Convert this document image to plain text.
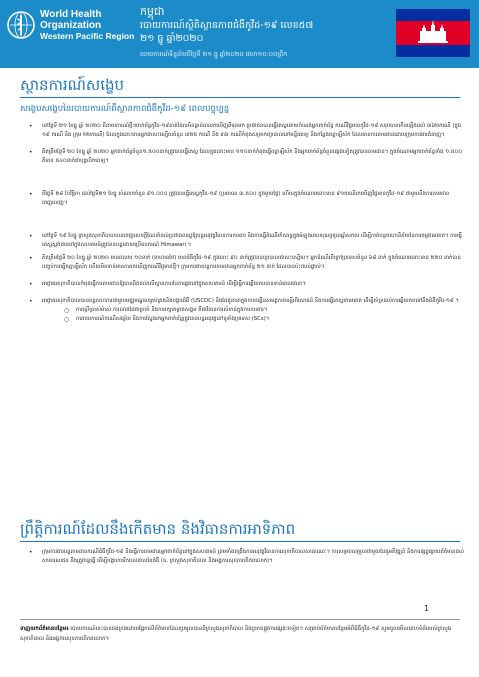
World Health
Organization
Western Pacific Region
កម្ពុជា
របាយការណ៍ស្ថិតិស្ថានភាពជំងឺកូវីដ-១៩ លេខ៥៧
២១ ធ្នូ ឆ្នាំ២០២០
របាយការណ៍ទិន្នន័យពីថ្ងៃទី ២១ ធ្នូ ឆ្នាំ២០២០ វេលា១០:០០ព្រឹក
ស្ថានការណ៍សង្ខេប
សង្ខេបសង្ខេបនៃរបាយការណ៍ពីស្ថានភាពជំងឺកូវីដ-១៩ ពេលបច្ចុប្បន្ន
• នៅថ្ងៃទី ២១ ខែធ្នូ ឆ្នាំ ២០២០ ពីនាយការណ៍ថ្មីៗពាក់ព័ន្ធកូវីដ-១៩គាត់ដែលមិនធ្លាប់បានរកឃើញពីមុនមក ប្រជាជនបានធ្វើតេស្តដោយកំណត់អ្នកពាក់ព័ន្ធ ករណីវិជ្ជមានកូវីដ-១៩ សរុបបានកើនឡើងដល់ ៣៦២ករណី (ក្នុង ១៩ ករណី និង ក្រុម ២២ករណី) ដែលក្នុងនោះមានអ្នកជាសះស្បើយចំនួន ៣២៥ ករណី និង ៣៦ ករណីកំពុងសម្រាកព្យាបាលនៅមន្ទីរពេទ្យ និងកន្លែងចត្តាឡីស័ក ដែលមានការតាមដានដោយក្រុមការងារជំនាញ។
• គិតត្រឹមថ្ងៃទី ២០ ខែធ្នូ ឆ្នាំ ២០២០ អ្នកពាក់ព័ន្ធចំនួន១.៥០០នាក់ត្រូវបានធ្វើតេស្ត ដែលក្នុងនោះមាន ១១០នាក់កំពុងធ្វើចត្តាឡីស័ក និងអ្នកពាក់ព័ន្ធចំនួនផ្សេងទៀតត្រូវបានតាមដាន។ ក្នុងចំណោមអ្នកពាក់ព័ន្ធទាំង ១.៥០០ គឺមាន ៥៤០នាក់ជាបុគ្គលិកពេទ្យ។
• ពីថ្ងៃទី ២៨ ខែវិច្ឆិកា ដល់ថ្ងៃទី២១ ខែធ្នូ សំណាកចំនួន ៩១.០០០ ត្រូវបានធ្វើតេស្តកូវីដ-១៩ (ប្រមាណ ៣.៥០០ ក្នុងមួយថ្ងៃ) ហើយក្នុងចំណោមនោះមាន ៩១ករណីរកឃើញវិជ្ជមានកូវីដ-១៩ ជាមួយនឹងការតាមដានពេញលេញ។
• នៅថ្ងៃទី ១៩ ខែធ្នូ ក្រសួងសុខាភិបាលបានចេញសេចក្តីណែនាំដល់ប្រជាពលរដ្ឋឱ្យបន្តអនុវត្តវិធានការការពារ និងការធ្វើដំណើរកំសាន្តក្នុងអំឡុងពេលបុណ្យចូលឆ្នាំសកល ដើម្បីកាត់បន្ថយហានិភ័យនៃការចម្លងមេរោគ។ ការធ្វើតេស្តស្តង់ដារនៅក្នុងសហគមន៍ត្រូវបានបន្តដោយប្រើឧបករណ៍ Himawari ។
• គិតត្រឹមថ្ងៃទី ២០ ខែធ្នូ ឆ្នាំ ២០២០ មានពលករ ១០នាក់ (ទាហានថៃ) មានជំងឺកូវីដ-១៩ ក្នុងនោះ ៩០ នាក់ត្រូវបានព្យាបាលជាសះស្បើយ។ អ្នកដំណើរពីក្រៅប្រទេសចំនួន ៦៨ នាក់ ក្នុងចំណោមនោះមាន ២២០ នាក់បានបញ្ចប់ការធ្វើចត្តាឡីស័ក ហើយមិនទាន់មានការរកឃើញករណីវិជ្ជមានថ្មី។ ក្រុមការងារបន្តការតាមដានអ្នកពាក់ព័ន្ធ ២១ នាក់ ដែលបានប៉ះពាល់ផ្ទាល់។
• អាជ្ញាធរសុខាភិបាលកំពុងធ្វើការតាមដានឱ្យបានដិតដល់លើស្ថានភាពនៃការឆ្លងនៅក្នុងសហគមន៍ ដើម្បីធ្វើការឆ្លើយតបបានទាន់ពេលវេលា។
• អាជ្ញាធរសុខាភិបាលបានបន្តសហការជាមួយមជ្ឈមណ្ឌលគ្រប់គ្រងនិងបង្ការជំងឺ (USCDC) និងដៃគូនានាក្នុងការបង្កើនសមត្ថភាពមន្ទីរពិសោធន៍ និងការធ្វើតេស្តរកមេរោគ ដើម្បីគាំទ្រដល់ការឆ្លើយតបទៅនឹងជំងឺកូវីដ-១៩ ។
○ ការប្រើប្រាស់ម៉ាស់ ការលាងដៃជាប្រចាំ និងការរក្សាគម្លាតសង្គម គឺជាវិធានការសំខាន់ក្នុងការការពារ។
○ ការរាយការណ៍ករណីសង្ស័យ និងការស្វែងរកអ្នកពាក់ព័ន្ធត្រូវបានបន្តអនុវត្តនៅទូទាំងប្រទេស (SCs)។
ព្រឹត្តិការណ៍ដែលនឹងកើតមាន និងវិធានការអាទិភាព
• ក្រុមការងារបន្តតាមដានករណីជំងឺកូវីដ-១៩ និងធ្វើការតាមដានអ្នកពាក់ព័ន្ធនៅក្នុងសហគមន៍ ព្រមទាំងពង្រឹងការអនុវត្តវិធានការសុខាភិបាលសាធារណៈ។ ការសម្របសម្រួលជាមួយដៃគូអភិវឌ្ឍន៍ និងការផ្សព្វផ្សាយព័ត៌មានដល់សាធារណជន នឹងត្រូវបន្តធ្វើ ដើម្បីបង្ការការរីករាលដាលនៃជំងឺ (ឧ. ក្រសួងសុខាភិបាល និងអង្គការសុខភាពពិភពលោក)។
1
ទាញយកព័ត៌មានបន្ថែម៖ របាយការណ៍នេះបានចងក្រងដោយផ្អែកលើព័ត៌មានដែលប្រមូលបានពីក្រសួងសុខាភិបាល និងប្រភពផ្លូវការផ្សេងៗទៀត។ សម្រាប់ព័ត៌មានបន្ថែមអំពីជំងឺកូវីដ-១៩ សូមចូលមើលគេហទំព័ររបស់ក្រសួងសុខាភិបាល និងអង្គការសុខភាពពិភពលោក។
